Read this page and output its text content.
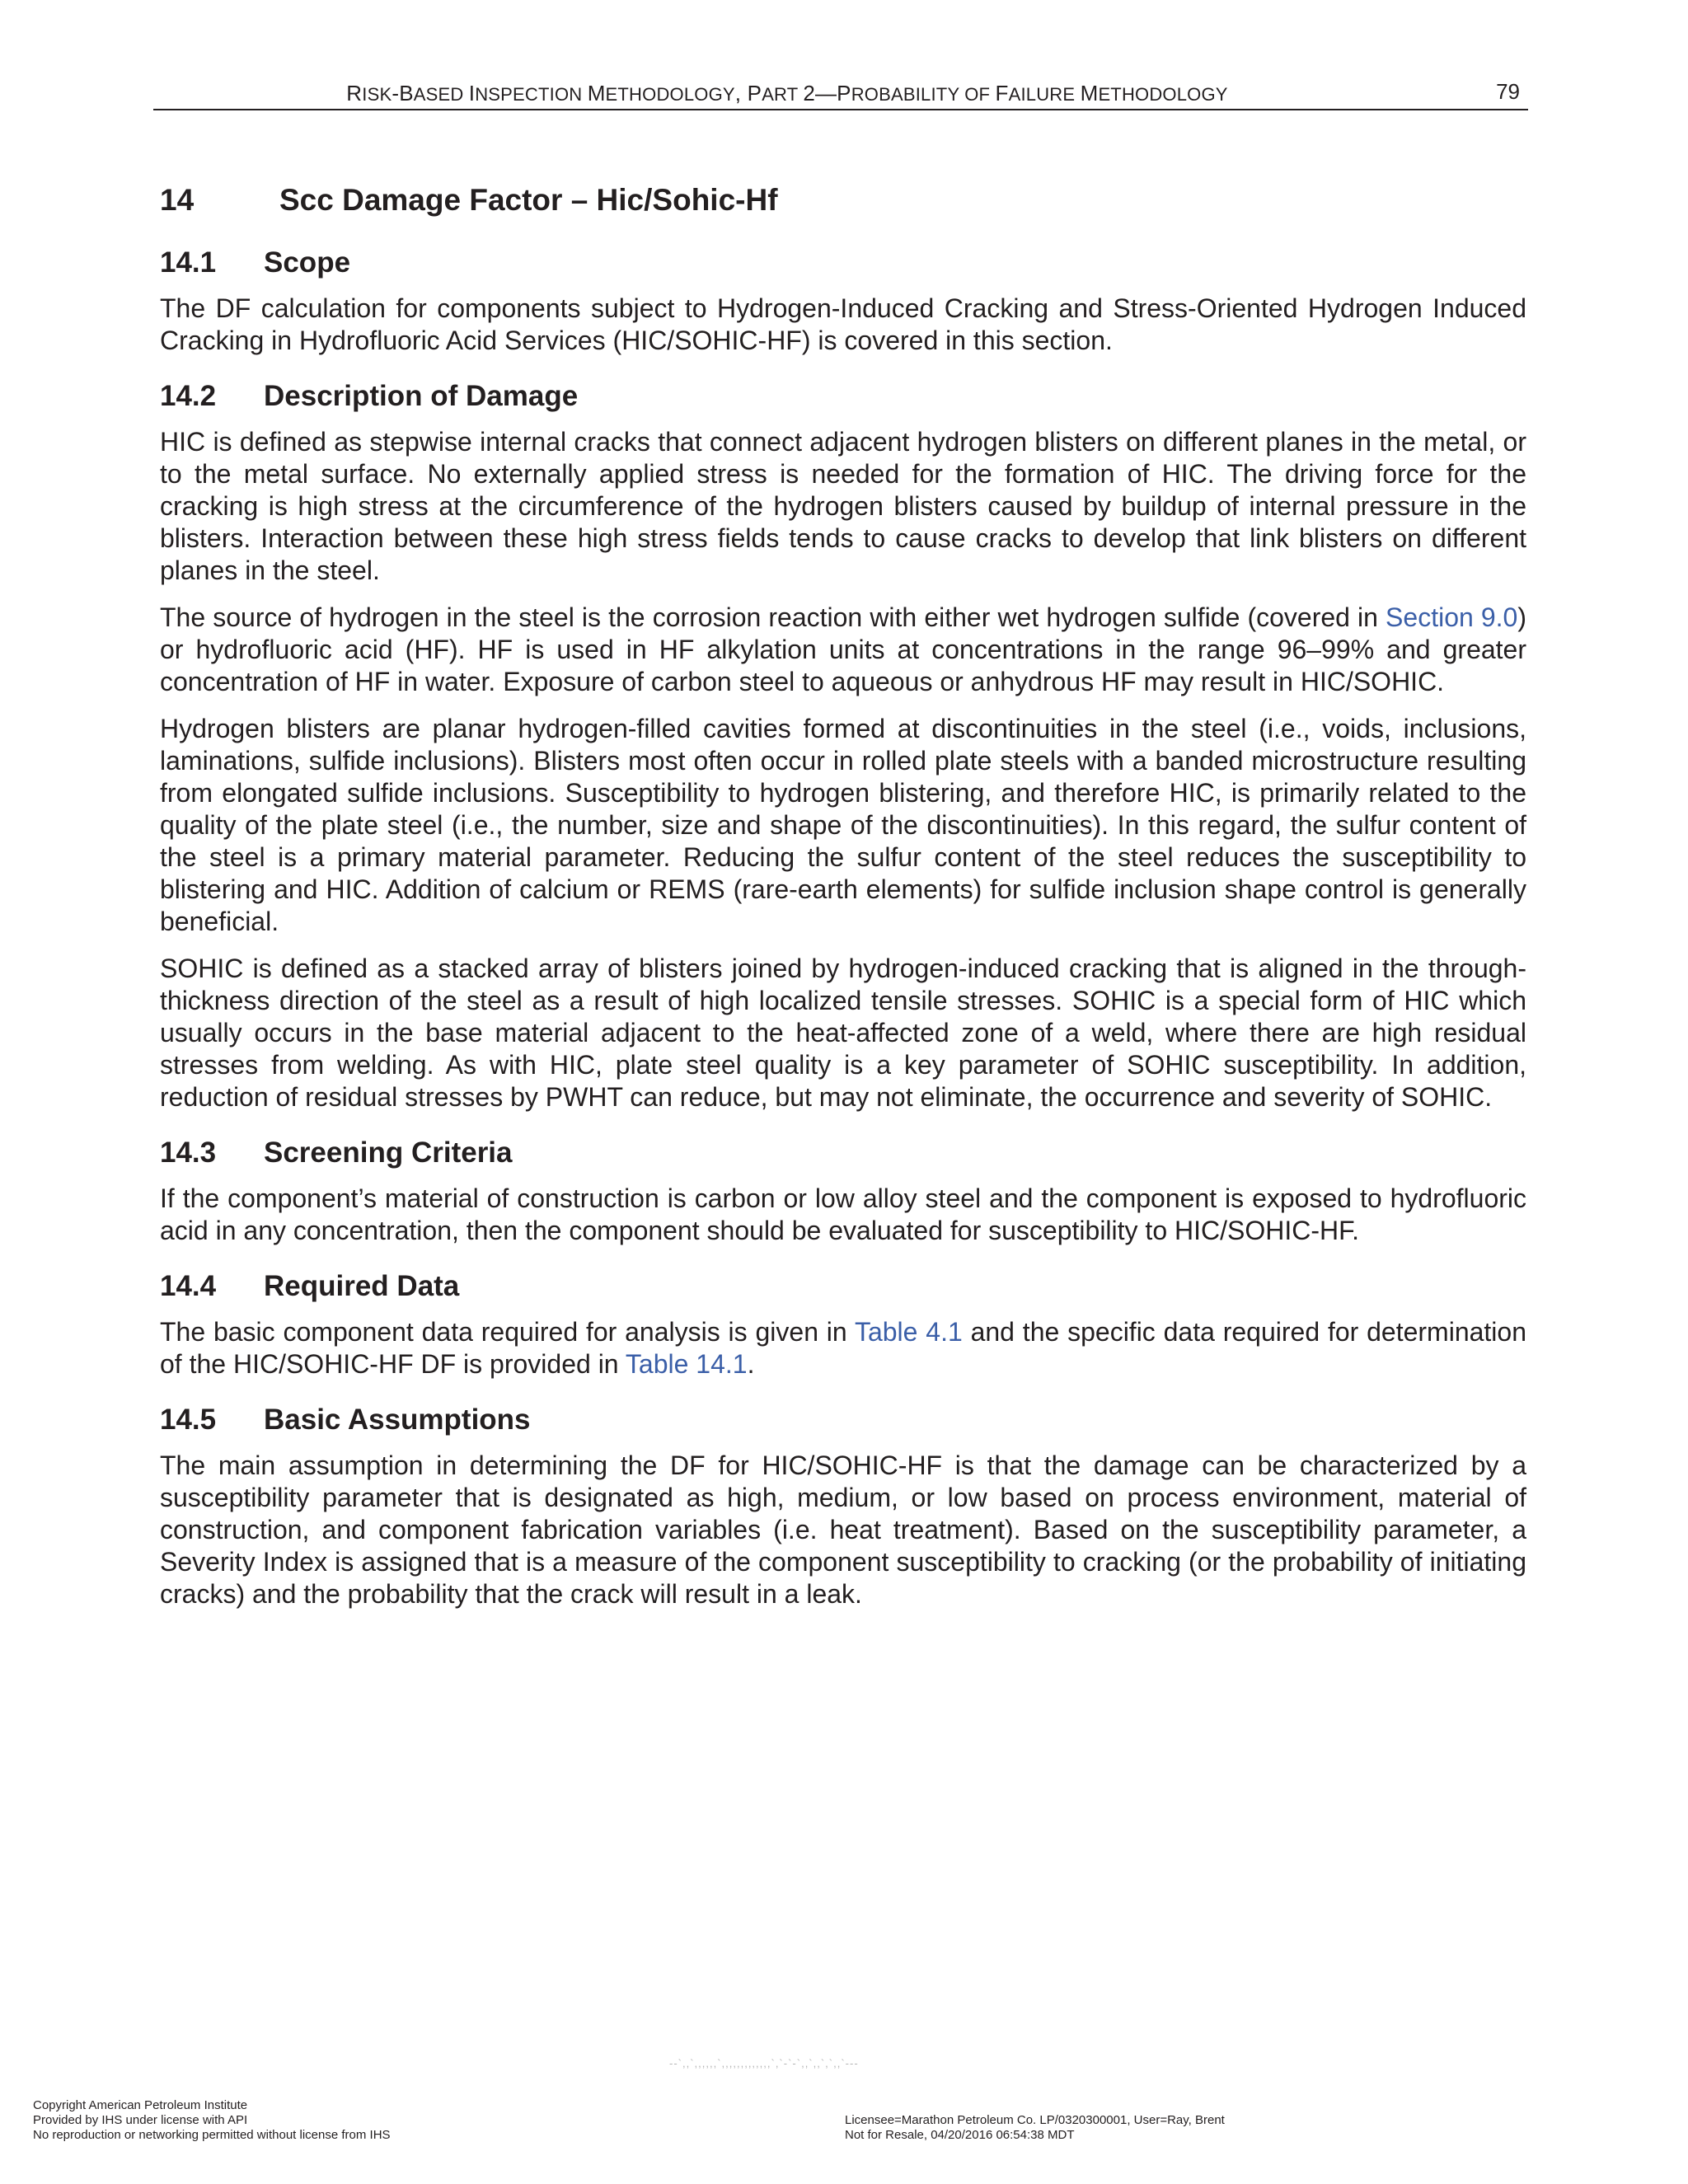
RISK-BASED INSPECTION METHODOLOGY, PART 2—PROBABILITY OF FAILURE METHODOLOGY	79
14	Scc Damage Factor – Hic/Sohic-Hf
14.1	Scope

The DF calculation for components subject to Hydrogen-Induced Cracking and Stress-Oriented Hydrogen Induced Cracking in Hydrofluoric Acid Services (HIC/SOHIC-HF) is covered in this section.

14.2	Description of Damage

HIC is defined as stepwise internal cracks that connect adjacent hydrogen blisters on different planes in the metal, or to the metal surface. No externally applied stress is needed for the formation of HIC. The driving force for the cracking is high stress at the circumference of the hydrogen blisters caused by buildup of internal pressure in the blisters. Interaction between these high stress fields tends to cause cracks to develop that link blisters on different planes in the steel.

The source of hydrogen in the steel is the corrosion reaction with either wet hydrogen sulfide (covered in Section 9.0) or hydrofluoric acid (HF). HF is used in HF alkylation units at concentrations in the range 96–99% and greater concentration of HF in water. Exposure of carbon steel to aqueous or anhydrous HF may result in HIC/SOHIC.

Hydrogen blisters are planar hydrogen-filled cavities formed at discontinuities in the steel (i.e., voids, inclusions, laminations, sulfide inclusions). Blisters most often occur in rolled plate steels with a banded microstructure resulting from elongated sulfide inclusions. Susceptibility to hydrogen blistering, and therefore HIC, is primarily related to the quality of the plate steel (i.e., the number, size and shape of the discontinuities). In this regard, the sulfur content of the steel is a primary material parameter. Reducing the sulfur content of the steel reduces the susceptibility to blistering and HIC. Addition of calcium or REMS (rare-earth elements) for sulfide inclusion shape control is generally beneficial.

SOHIC is defined as a stacked array of blisters joined by hydrogen-induced cracking that is aligned in the through-thickness direction of the steel as a result of high localized tensile stresses. SOHIC is a special form of HIC which usually occurs in the base material adjacent to the heat-affected zone of a weld, where there are high residual stresses from welding. As with HIC, plate steel quality is a key parameter of SOHIC susceptibility. In addition, reduction of residual stresses by PWHT can reduce, but may not eliminate, the occurrence and severity of SOHIC.

14.3	Screening Criteria

If the component’s material of construction is carbon or low alloy steel and the component is exposed to hydrofluoric acid in any concentration, then the component should be evaluated for susceptibility to HIC/SOHIC-HF.

14.4	Required Data

The basic component data required for analysis is given in Table 4.1 and the specific data required for determination of the HIC/SOHIC-HF DF is provided in Table 14.1.

14.5	Basic Assumptions

The main assumption in determining the DF for HIC/SOHIC-HF is that the damage can be characterized by a susceptibility parameter that is designated as high, medium, or low based on process environment, material of construction, and component fabrication variables (i.e. heat treatment). Based on the susceptibility parameter, a Severity Index is assigned that is a measure of the component susceptibility to cracking (or the probability of initiating cracks) and the probability that the crack will result in a leak.

--`,,`,,,,,,`,,,,,,,,,,,,,`,`-`-`,,`,,`,`,,`---
Copyright American Petroleum Institute
Provided by IHS under license with API
No reproduction or networking permitted without license from IHS
Licensee=Marathon Petroleum Co. LP/0320300001, User=Ray, Brent
Not for Resale, 04/20/2016 06:54:38 MDT
